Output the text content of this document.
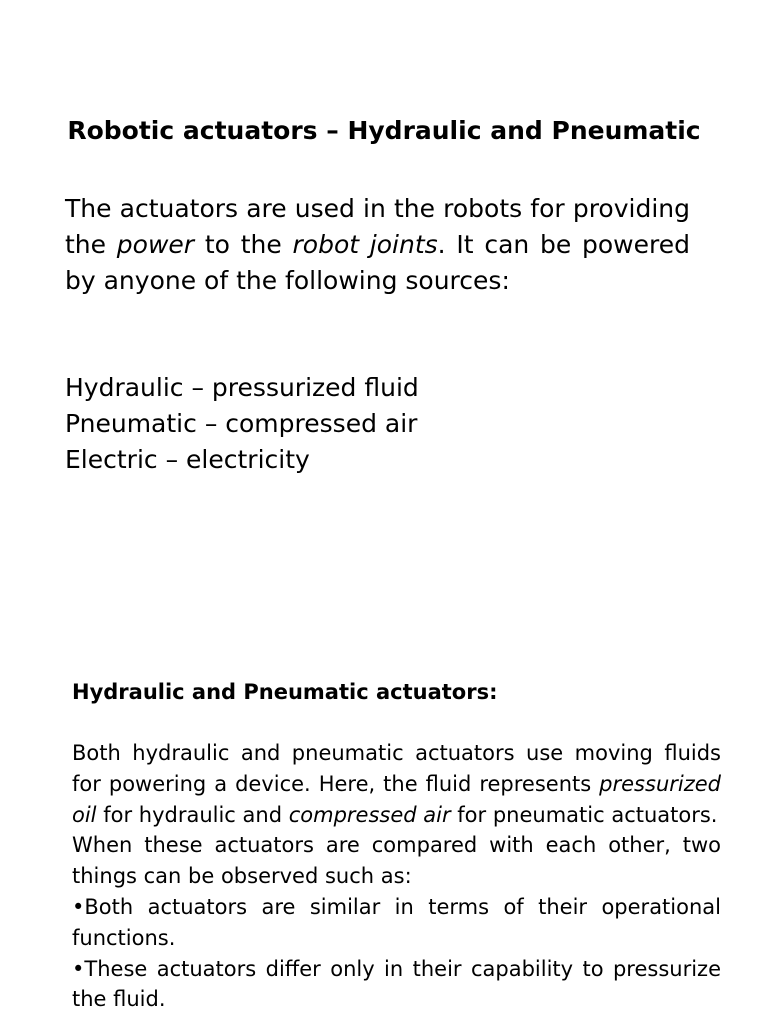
Robotic actuators – Hydraulic and Pneumatic

The actuators are used in the robots for providing the power to the robot joints. It can be powered by anyone of the following sources:

Hydraulic – pressurized fluid
Pneumatic – compressed air
Electric – electricity
Hydraulic and Pneumatic actuators:

Both hydraulic and pneumatic actuators use moving fluids for powering a device. Here, the fluid represents pressurized oil for hydraulic and compressed air for pneumatic actuators.

When these actuators are compared with each other, two things can be observed such as:

•Both actuators are similar in terms of their operational functions.

•These actuators differ only in their capability to pressurize the fluid.
